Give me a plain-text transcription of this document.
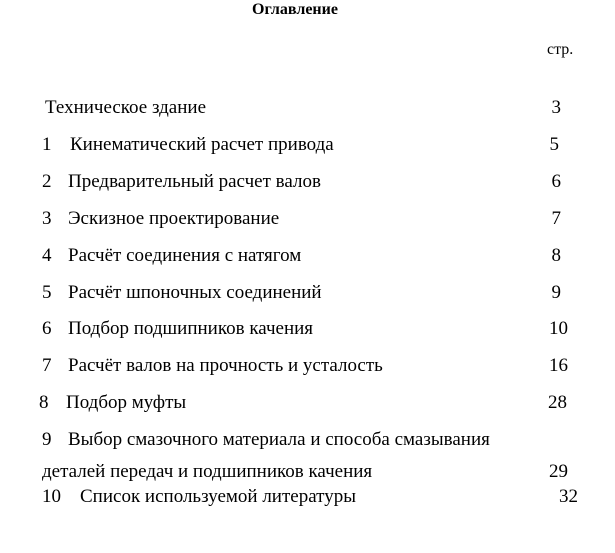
Оглавление
стр.
Техническое здание	3
1 Кинематический расчет привода	5
2 Предварительный расчет валов	6
3 Эскизное проектирование	7
4 Расчёт соединения с натягом	8
5 Расчёт шпоночных соединений	9
6 Подбор подшипников качения	10
7 Расчёт валов на прочность и усталость	16
8 Подбор муфты	28
9 Выбор смазочного материала и способа смазывания
деталей передач и подшипников качения	29
10 Список используемой литературы	32
